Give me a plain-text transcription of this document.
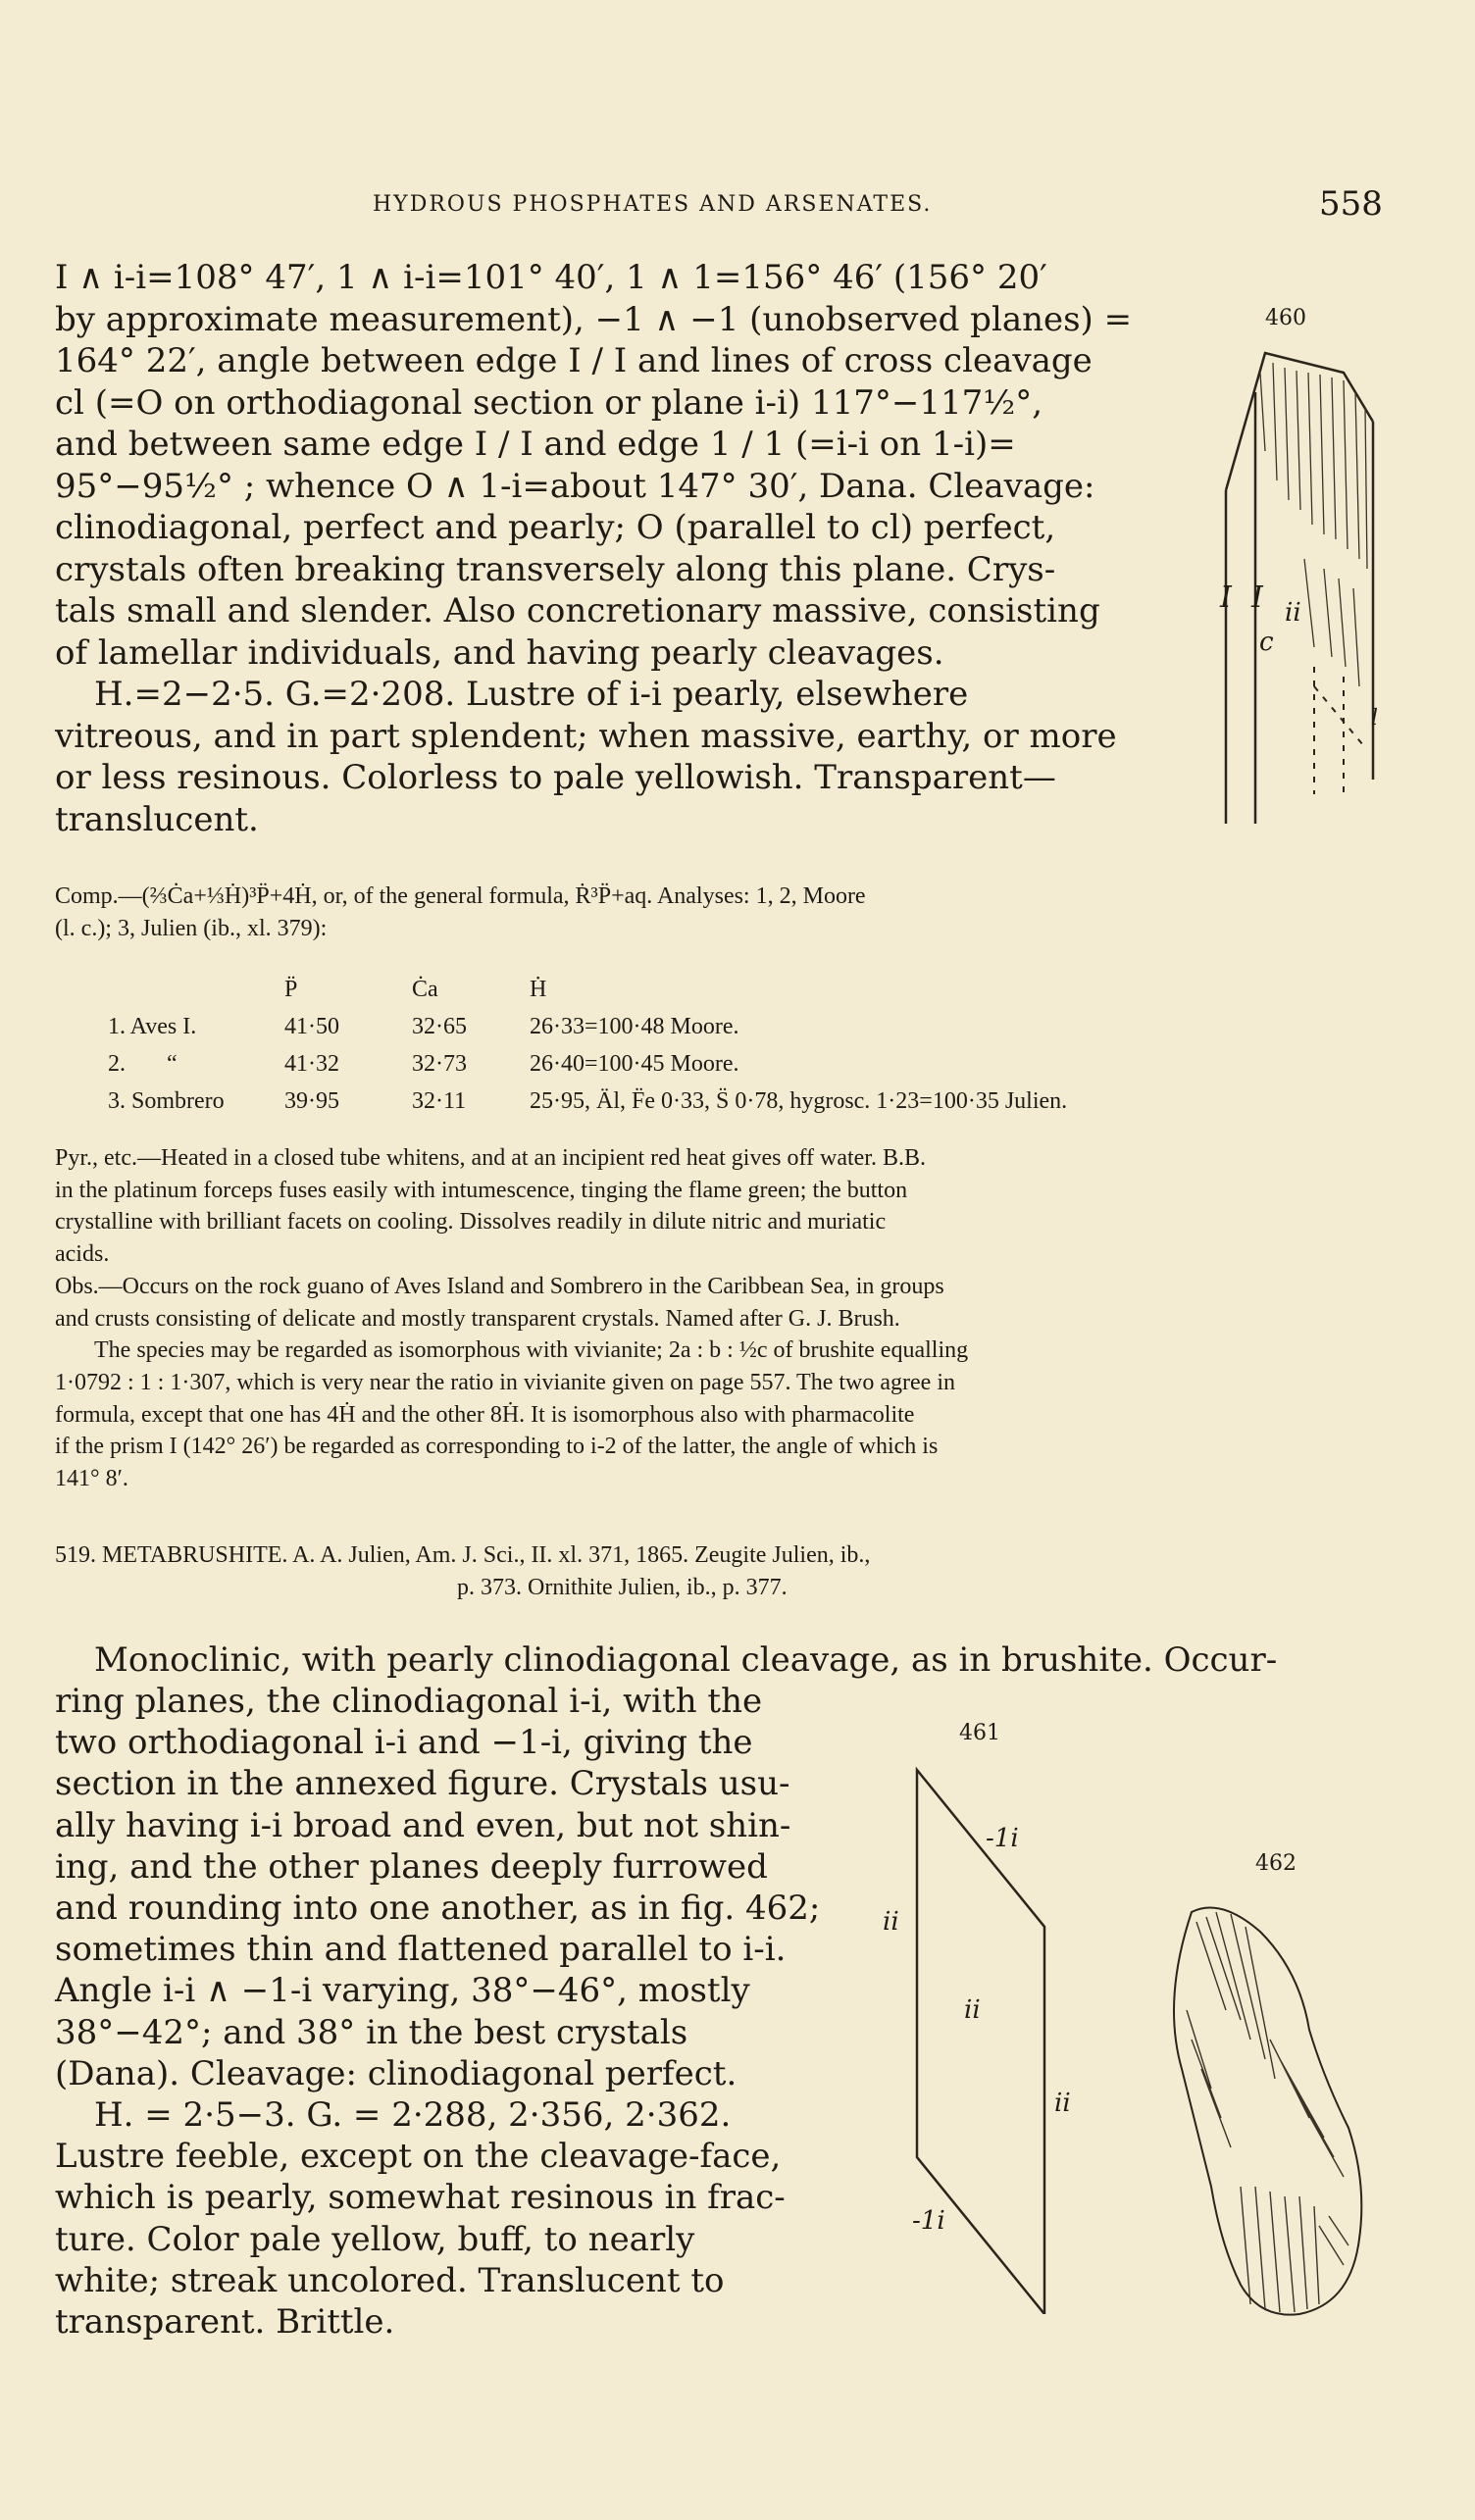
HYDROUS PHOSPHATES AND ARSENATES.	558

I ∧ i-i=108° 47′, 1 ∧ i-i=101° 40′, 1 ∧ 1=156° 46′ (156° 20′

by approximate measurement), −1 ∧ −1 (unobserved planes) =

164° 22′, angle between edge I / I and lines of cross cleavage

cl (=O on orthodiagonal section or plane i-i) 117°−117½°,

and between same edge I / I and edge 1 / 1 (=i-i on 1-i)=

95°−95½° ; whence O ∧ 1-i=about 147° 30′, Dana. Cleavage:

clinodiagonal, perfect and pearly; O (parallel to cl) perfect,

crystals often breaking transversely along this plane. Crys-

tals small and slender. Also concretionary massive, consisting

of lamellar individuals, and having pearly cleavages.

H.=2−2·5. G.=2·208. Lustre of i-i pearly, elsewhere

vitreous, and in part splendent; when massive, earthy, or more

or less resinous. Colorless to pale yellowish. Transparent—

translucent.

460
I I
c
ii
l

Comp.—(⅔Ċa+⅓Ḣ)³P̈+4Ḣ, or, of the general formula, Ṙ³P̈+aq. Analyses: 1, 2, Moore

(l. c.); 3, Julien (ib., xl. 379):

	P̈	Ċa	Ḣ
1. Aves I.	41·50	32·65	26·33=100·48 Moore.
2.       “	41·32	32·73	26·40=100·45 Moore.
3. Sombrero	39·95	32·11	25·95, Äl, F̈e 0·33, S̈ 0·78, hygrosc. 1·23=100·35 Julien.

Pyr., etc.—Heated in a closed tube whitens, and at an incipient red heat gives off water. B.B.

in the platinum forceps fuses easily with intumescence, tinging the flame green; the button

crystalline with brilliant facets on cooling. Dissolves readily in dilute nitric and muriatic

acids.

Obs.—Occurs on the rock guano of Aves Island and Sombrero in the Caribbean Sea, in groups

and crusts consisting of delicate and mostly transparent crystals. Named after G. J. Brush.

The species may be regarded as isomorphous with vivianite; 2a : b : ½c of brushite equalling

1·0792 : 1 : 1·307, which is very near the ratio in vivianite given on page 557. The two agree in

formula, except that one has 4Ḣ and the other 8Ḣ. It is isomorphous also with pharmacolite

if the prism I (142° 26′) be regarded as corresponding to i-2 of the latter, the angle of which is

141° 8′.

519. METABRUSHITE. A. A. Julien, Am. J. Sci., II. xl. 371, 1865. Zeugite Julien, ib.,

p. 373. Ornithite Julien, ib., p. 377.

Monoclinic, with pearly clinodiagonal cleavage, as in brushite. Occur-

ring planes, the clinodiagonal i-i, with the

two orthodiagonal i-i and −1-i, giving the

section in the annexed figure. Crystals usu-

ally having i-i broad and even, but not shin-

ing, and the other planes deeply furrowed

and rounding into one another, as in fig. 462;

sometimes thin and flattened parallel to i-i.

Angle i-i ∧ −1-i varying, 38°−46°, mostly

38°−42°; and 38° in the best crystals

(Dana). Cleavage: clinodiagonal perfect.

H. = 2·5−3. G. = 2·288, 2·356, 2·362.

Lustre feeble, except on the cleavage-face,

which is pearly, somewhat resinous in frac-

ture. Color pale yellow, buff, to nearly

white; streak uncolored. Translucent to

transparent. Brittle.

461
-1i
ii
ii
ii
-1i
462
